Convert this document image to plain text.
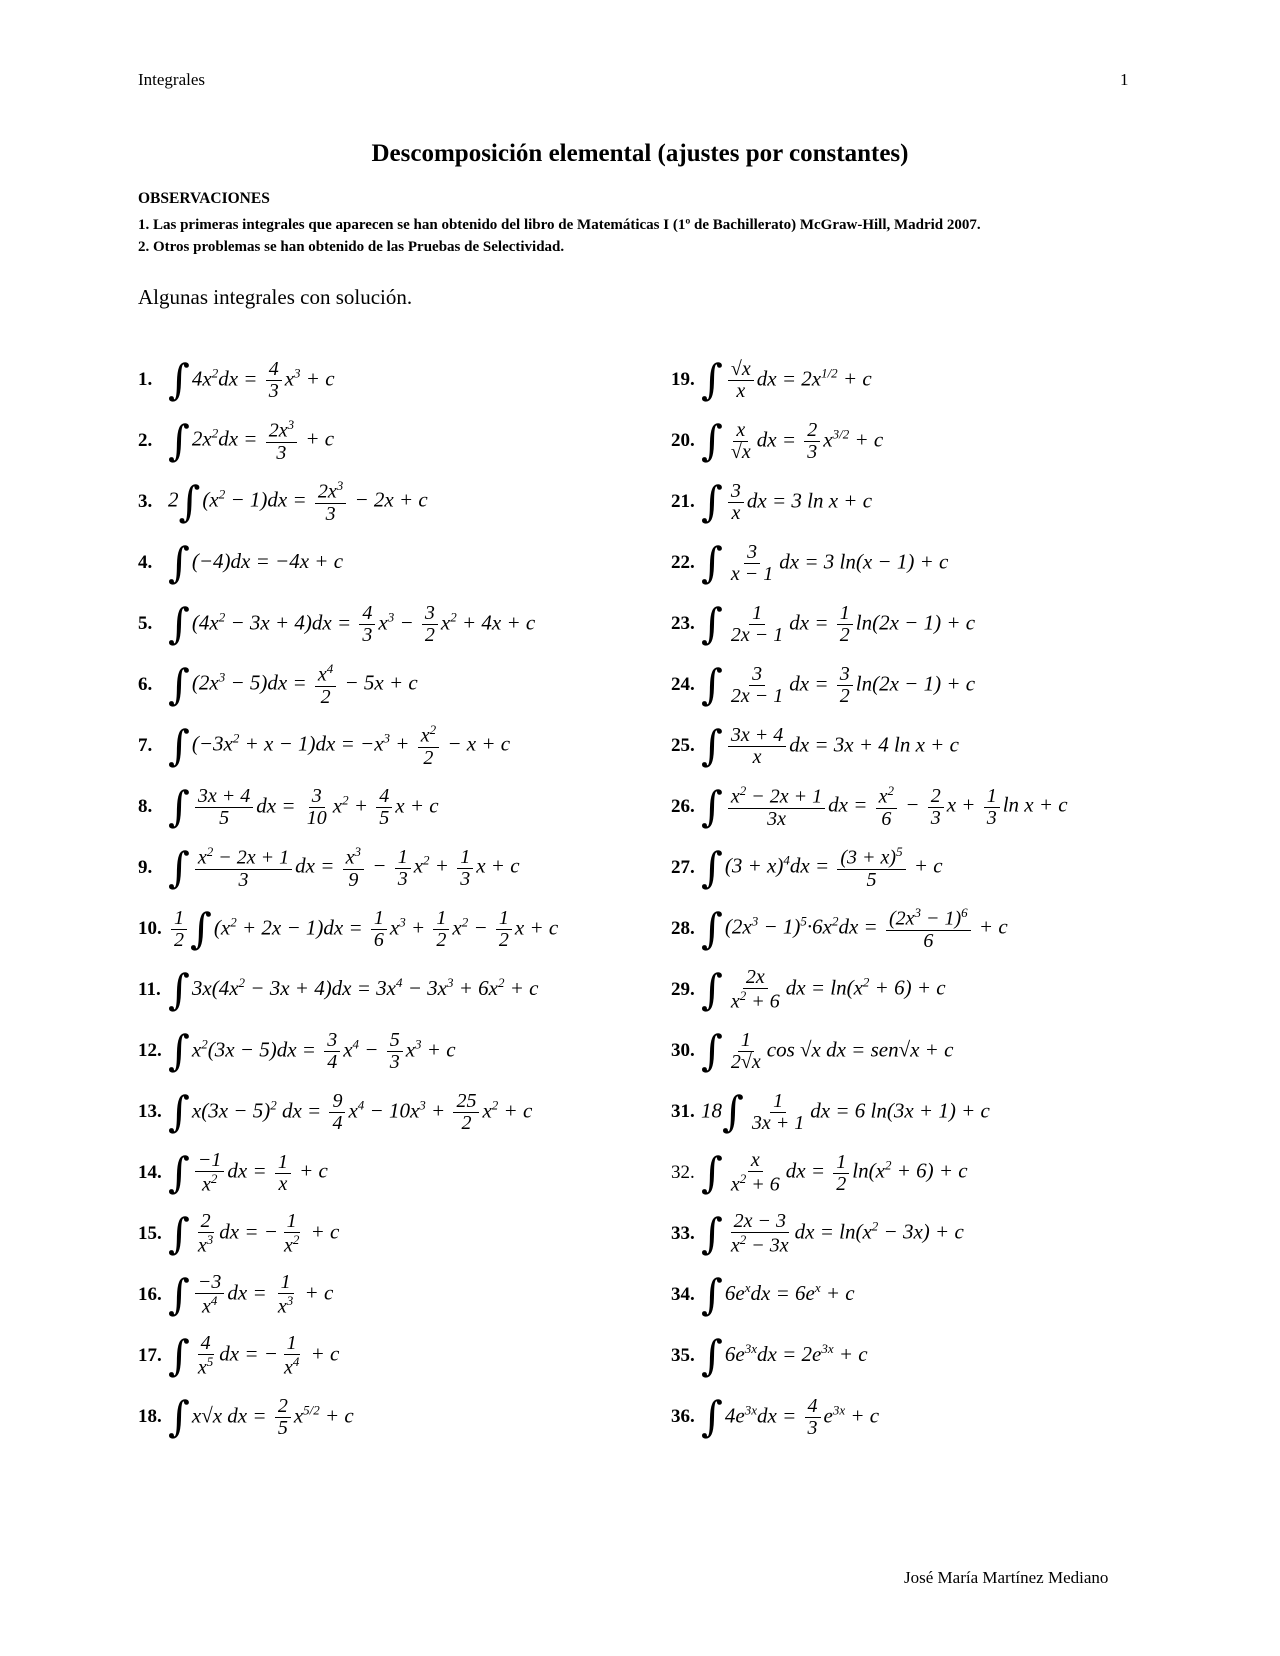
Integrales	1
Descomposición elemental (ajustes por constantes)
OBSERVACIONES
1. Las primeras integrales que aparecen se han obtenido del libro de Matemáticas I (1º de Bachillerato) McGraw-Hill, Madrid 2007.
2. Otros problemas se han obtenido de las Pruebas de Selectividad.
Algunas integrales con solución.
1. $\int 4x^2dx = \frac{4}{3} x^3 + c$
2. $\int 2x^2dx = \frac{2x^3}{3} + c$
3. $2\int(x^2 - 1)dx = \frac{2x^3}{3} - 2x + c$
4. ∫(−4)dx = −4x + c
5. $\int(4x^2 - 3x + 4)dx = \frac{4}{3} x^3 - \frac{3}{2} x^2 + 4x + c$
6. $\int(2x^3 - 5)dx = \frac{x^4}{2} - 5x + c$
7. $\int(-3x^2 + x - 1)dx = -x^3 + \frac{x^2}{2} - x + c$
8. ∫ $\frac{3x + 4}{5}$ dx = $\frac{3}{10} x^2 + \frac{4}{5}$ x + c
9. ∫ $\frac{x^2 - 2x + 1}{3}$ dx = $\frac{x^3}{9} - \frac{1}{3} x^2 + \frac{1}{3}$ x + c
10. $\frac{1}{2} \int(x^2 + 2x - 1)dx = \frac{1}{6} x^3 + \frac{1}{2} x^2 - \frac{1}{2}$ x + c
11. $\int 3x(4x^2 - 3x + 4)dx = 3x^4 - 3x^3 + 6x^2 + c$
12. $\int x^2(3x - 5)dx = \frac{3}{4} x^4 - \frac{5}{3} x^3 + c$
13. $\int x(3x - 5)^2$ dx = $\frac{9}{4} x^4 - 10x^3 + \frac{25}{2} x^2 + c$
14. ∫ $\frac{-1}{x^2}$ dx = $\frac{1}{x} + c$
15. ∫ $\frac{2}{x^3}$ dx = − $\frac{1}{x^2} + c$
16. ∫ $\frac{-3}{x^4}$ dx = $\frac{1}{x^3} + c$
17. ∫ $\frac{4}{x^5}$ dx = − $\frac{1}{x^4} + c$
18. ∫x√x dx = $\frac{2}{5} x^{5/2} + c$
19. ∫ $\frac{√x}{x}$ dx = $2x^{1/2} + c$
20. ∫ $\frac{x}{√x}$ dx = $\frac{2}{3} x^{3/2} + c$
21. ∫ $\frac{3}{x}$ dx = 3 ln x + c
22. ∫ $\frac{3}{x - 1}$ dx = 3 ln(x − 1) + c
23. ∫ $\frac{1}{2x - 1}$ dx = $\frac{1}{2} \ln(2x - 1) + c$
24. ∫ $\frac{3}{2x - 1}$ dx = $\frac{3}{2} \ln(2x - 1) + c$
25. ∫ $\frac{3x + 4}{x}$ dx = 3x + 4 ln x + c
26. ∫ $\frac{x^2 - 2x + 1}{3x}$ dx = $\frac{x^2}{6} - \frac{2}{3}$ $x + \frac{1}{3}$ ln x + c
27. $\int(3 + x)^4dx = \frac{(3 + x)^5}{5} + c$
28. $\int(2x^3 - 1)^5\cdot 6x^2dx = \frac{(2x^3 - 1)^6}{6} + c$
29. ∫ $\frac{2x}{x^2 + 6}$ dx = $\ln(x^2 + 6) + c$
30. ∫ $\frac{1}{2√x}$ cos √x dx = sen√x + c
31. $18\int \frac{1}{3x + 1}$ dx = 6 ln(3x + 1) + c
32. ∫ $\frac{x}{x^2 + 6}$ dx = $\frac{1}{2} \ln(x^2 + 6) + c$
33. ∫ $\frac{2x - 3}{x^2 - 3x}$ dx = $\ln(x^2 - 3x) + c$
34. $\int 6e^xdx = 6e^x + c$
35. $\int 6e^{3x}dx = 2e^{3x} + c$
36. $\int 4e^{3x}dx = \frac{4}{3} e^{3x} + c$
José María Martínez Mediano
